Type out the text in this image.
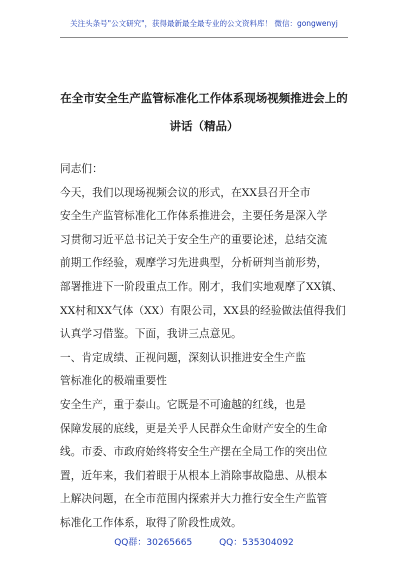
关注头条号"公文研究"，获得最新最全最专业的公文资料库！ 微信：gongwenyj
在全市安全生产监管标准化工作体系现场视频推进会上的
讲话（精品）
同志们：
今天，我们以现场视频会议的形式，在XX县召开全市
安全生产监管标准化工作体系推进会，主要任务是深入学
习贯彻习近平总书记关于安全生产的重要论述，总结交流
前期工作经验，观摩学习先进典型，分析研判当前形势，
部署推进下一阶段重点工作。刚才，我们实地观摩了XX镇、
XX村和XX气体（XX）有限公司，XX县的经验做法值得我们
认真学习借鉴。下面，我讲三点意见。
一、肯定成绩、正视问题，深刻认识推进安全生产监
管标准化的极端重要性
安全生产，重于泰山。它既是不可逾越的红线，也是
保障发展的底线，更是关乎人民群众生命财产安全的生命
线。市委、市政府始终将安全生产摆在全局工作的突出位
置，近年来，我们着眼于从根本上消除事故隐患、从根本
上解决问题，在全市范围内探索并大力推行安全生产监管
标准化工作体系，取得了阶段性成效。
QQ群：30265665	QQ：535304092
